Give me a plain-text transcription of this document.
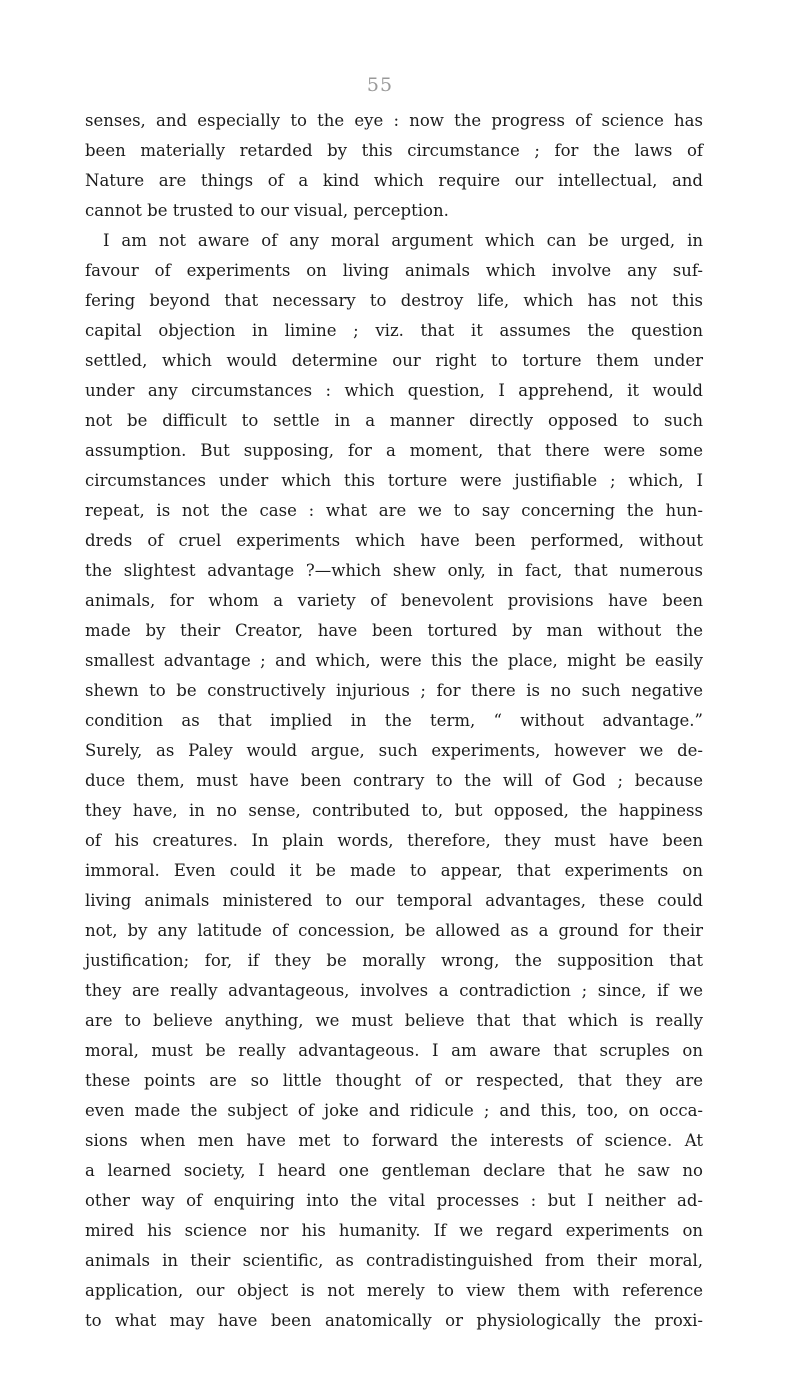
55
senses, and especially to the eye : now the progress of science has
been materially retarded by this circumstance ; for the laws of
Nature are things of a kind which require our intellectual, and
cannot be trusted to our visual, perception.
I am not aware of any moral argument which can be urged, in
favour of experiments on living animals which involve any suf-
fering beyond that necessary to destroy life, which has not this
capital objection in limine ; viz. that it assumes the question
settled, which would determine our right to torture them under
under any circumstances : which question, I apprehend, it would
not be difficult to settle in a manner directly opposed to such
assumption. But supposing, for a moment, that there were some
circumstances under which this torture were justifiable ; which, I
repeat, is not the case : what are we to say concerning the hun-
dreds of cruel experiments which have been performed, without
the slightest advantage ?—which shew only, in fact, that numerous
animals, for whom a variety of benevolent provisions have been
made by their Creator, have been tortured by man without the
smallest advantage ; and which, were this the place, might be easily
shewn to be constructively injurious ; for there is no such negative
condition as that implied in the term, “ without advantage.”
Surely, as Paley would argue, such experiments, however we de-
duce them, must have been contrary to the will of God ; because
they have, in no sense, contributed to, but opposed, the happiness
of his creatures. In plain words, therefore, they must have been
immoral. Even could it be made to appear, that experiments on
living animals ministered to our temporal advantages, these could
not, by any latitude of concession, be allowed as a ground for their
justification; for, if they be morally wrong, the supposition that
they are really advantageous, involves a contradiction ; since, if we
are to believe anything, we must believe that that which is really
moral, must be really advantageous. I am aware that scruples on
these points are so little thought of or respected, that they are
even made the subject of joke and ridicule ; and this, too, on occa-
sions when men have met to forward the interests of science. At
a learned society, I heard one gentleman declare that he saw no
other way of enquiring into the vital processes : but I neither ad-
mired his science nor his humanity. If we regard experiments on
animals in their scientific, as contradistinguished from their moral,
application, our object is not merely to view them with reference
to what may have been anatomically or physiologically the proxi-
